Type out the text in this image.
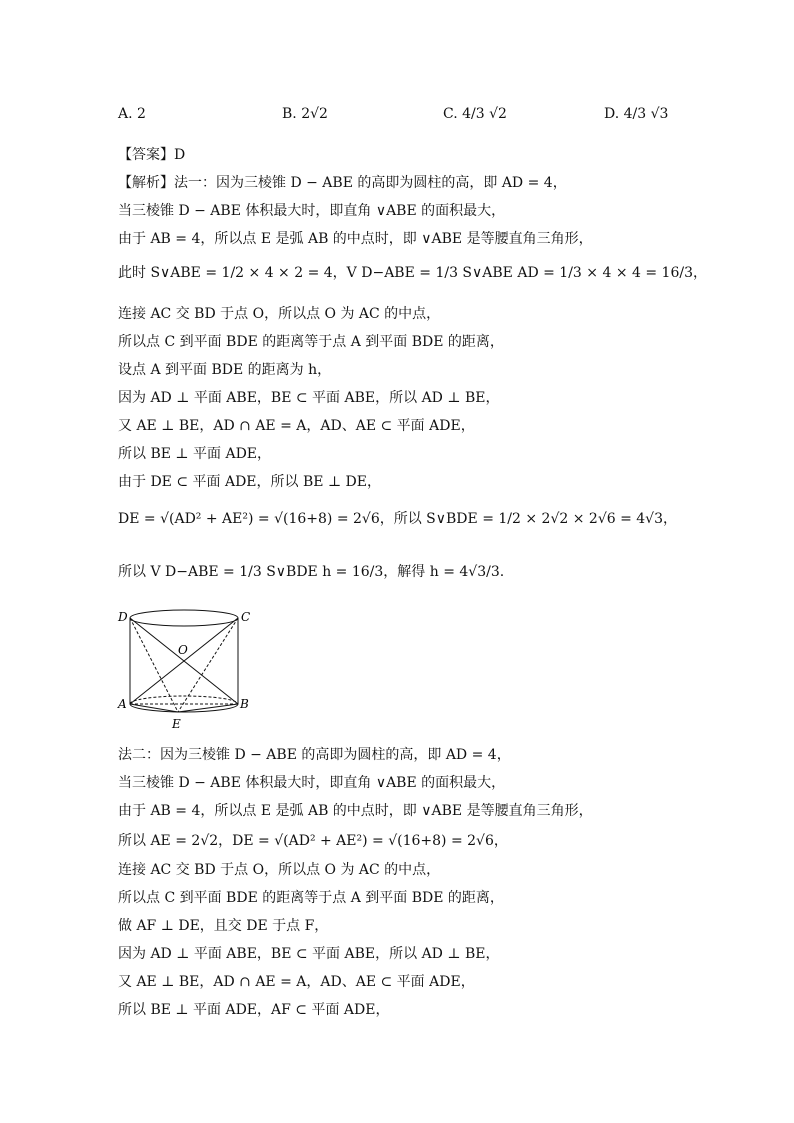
A. 2	B. 2√2	C. 4/3 √2	D. 4/3 √3
【答案】D
【解析】法一：因为三棱锥 D − ABE 的高即为圆柱的高，即 AD = 4，
当三棱锥 D − ABE 体积最大时，即直角 ∨ABE 的面积最大，
由于 AB = 4，所以点 E 是弧 AB 的中点时，即 ∨ABE 是等腰直角三角形，
此时 S∨ABE = 1/2 × 4 × 2 = 4，V D−ABE = 1/3 S∨ABE AD = 1/3 × 4 × 4 = 16/3，
连接 AC 交 BD 于点 O，所以点 O 为 AC 的中点，
所以点 C 到平面 BDE 的距离等于点 A 到平面 BDE 的距离，
设点 A 到平面 BDE 的距离为 h，
因为 AD ⊥ 平面 ABE，BE ⊂ 平面 ABE，所以 AD ⊥ BE，
又 AE ⊥ BE，AD ∩ AE = A，AD、AE ⊂ 平面 ADE，
所以 BE ⊥ 平面 ADE，
由于 DE ⊂ 平面 ADE，所以 BE ⊥ DE，
DE = √(AD² + AE²) = √(16+8) = 2√6，所以 S∨BDE = 1/2 × 2√2 × 2√6 = 4√3，
所以 V D−ABE = 1/3 S∨BDE h = 16/3，解得 h = 4√3/3.
D	C
O
A	B
E
法二：因为三棱锥 D − ABE 的高即为圆柱的高，即 AD = 4，
当三棱锥 D − ABE 体积最大时，即直角 ∨ABE 的面积最大，
由于 AB = 4，所以点 E 是弧 AB 的中点时，即 ∨ABE 是等腰直角三角形，
所以 AE = 2√2，DE = √(AD² + AE²) = √(16+8) = 2√6，
连接 AC 交 BD 于点 O，所以点 O 为 AC 的中点，
所以点 C 到平面 BDE 的距离等于点 A 到平面 BDE 的距离，
做 AF ⊥ DE，且交 DE 于点 F，
因为 AD ⊥ 平面 ABE，BE ⊂ 平面 ABE，所以 AD ⊥ BE，
又 AE ⊥ BE，AD ∩ AE = A，AD、AE ⊂ 平面 ADE，
所以 BE ⊥ 平面 ADE，AF ⊂ 平面 ADE，
